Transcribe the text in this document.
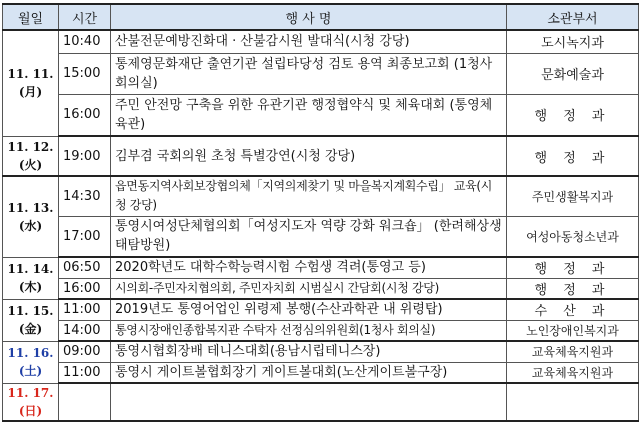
월일	시간	행 사 명	소관부서

11. 11.
(月)	10:40	산불전문예방진화대 · 산불감시원 발대식(시청 강당)	도시녹지과
	15:00	통제영문화재단 출연기관 설립타당성 검토 용역 최종보고회 (1청사 회의실)	문화예술과
	16:00	주민 안전망 구축을 위한 유관기관 행정협약식 및 체육대회 (통영체육관)	행 정 과

11. 12.
(火)	19:00	김부겸 국회의원 초청 특별강연(시청 강당)	행 정 과

11. 13.
(水)	14:30	읍면동지역사회보장협의체「지역의제찾기 및 마을복지계획수립」 교육(시청 강당)	주민생활복지과
	17:00	통영시여성단체협의회「여성지도자 역량 강화 워크숍」 (한려해상생태탐방원)	여성아동청소년과

11. 14.
(木)	06:50	2020학년도 대학수학능력시험 수험생 격려(통영고 등)	행 정 과
	16:00	시의회-주민자치협의회, 주민자치회 시범실시 간담회(시청 강당)	행 정 과

11. 15.
(金)	11:00	2019년도 통영어업인 위령제 봉행(수산과학관 내 위령탑)	수 산 과
	14:00	통영시장애인종합복지관 수탁자 선정심의위원회(1청사 회의실)	노인장애인복지과

11. 16.
(土)	09:00	통영시협회장배 테니스대회(용남시립테니스장)	교육체육지원과
	11:00	통영시 게이트볼협회장기 게이트볼대회(노산게이트볼구장)	교육체육지원과

11. 17.
(日)			
